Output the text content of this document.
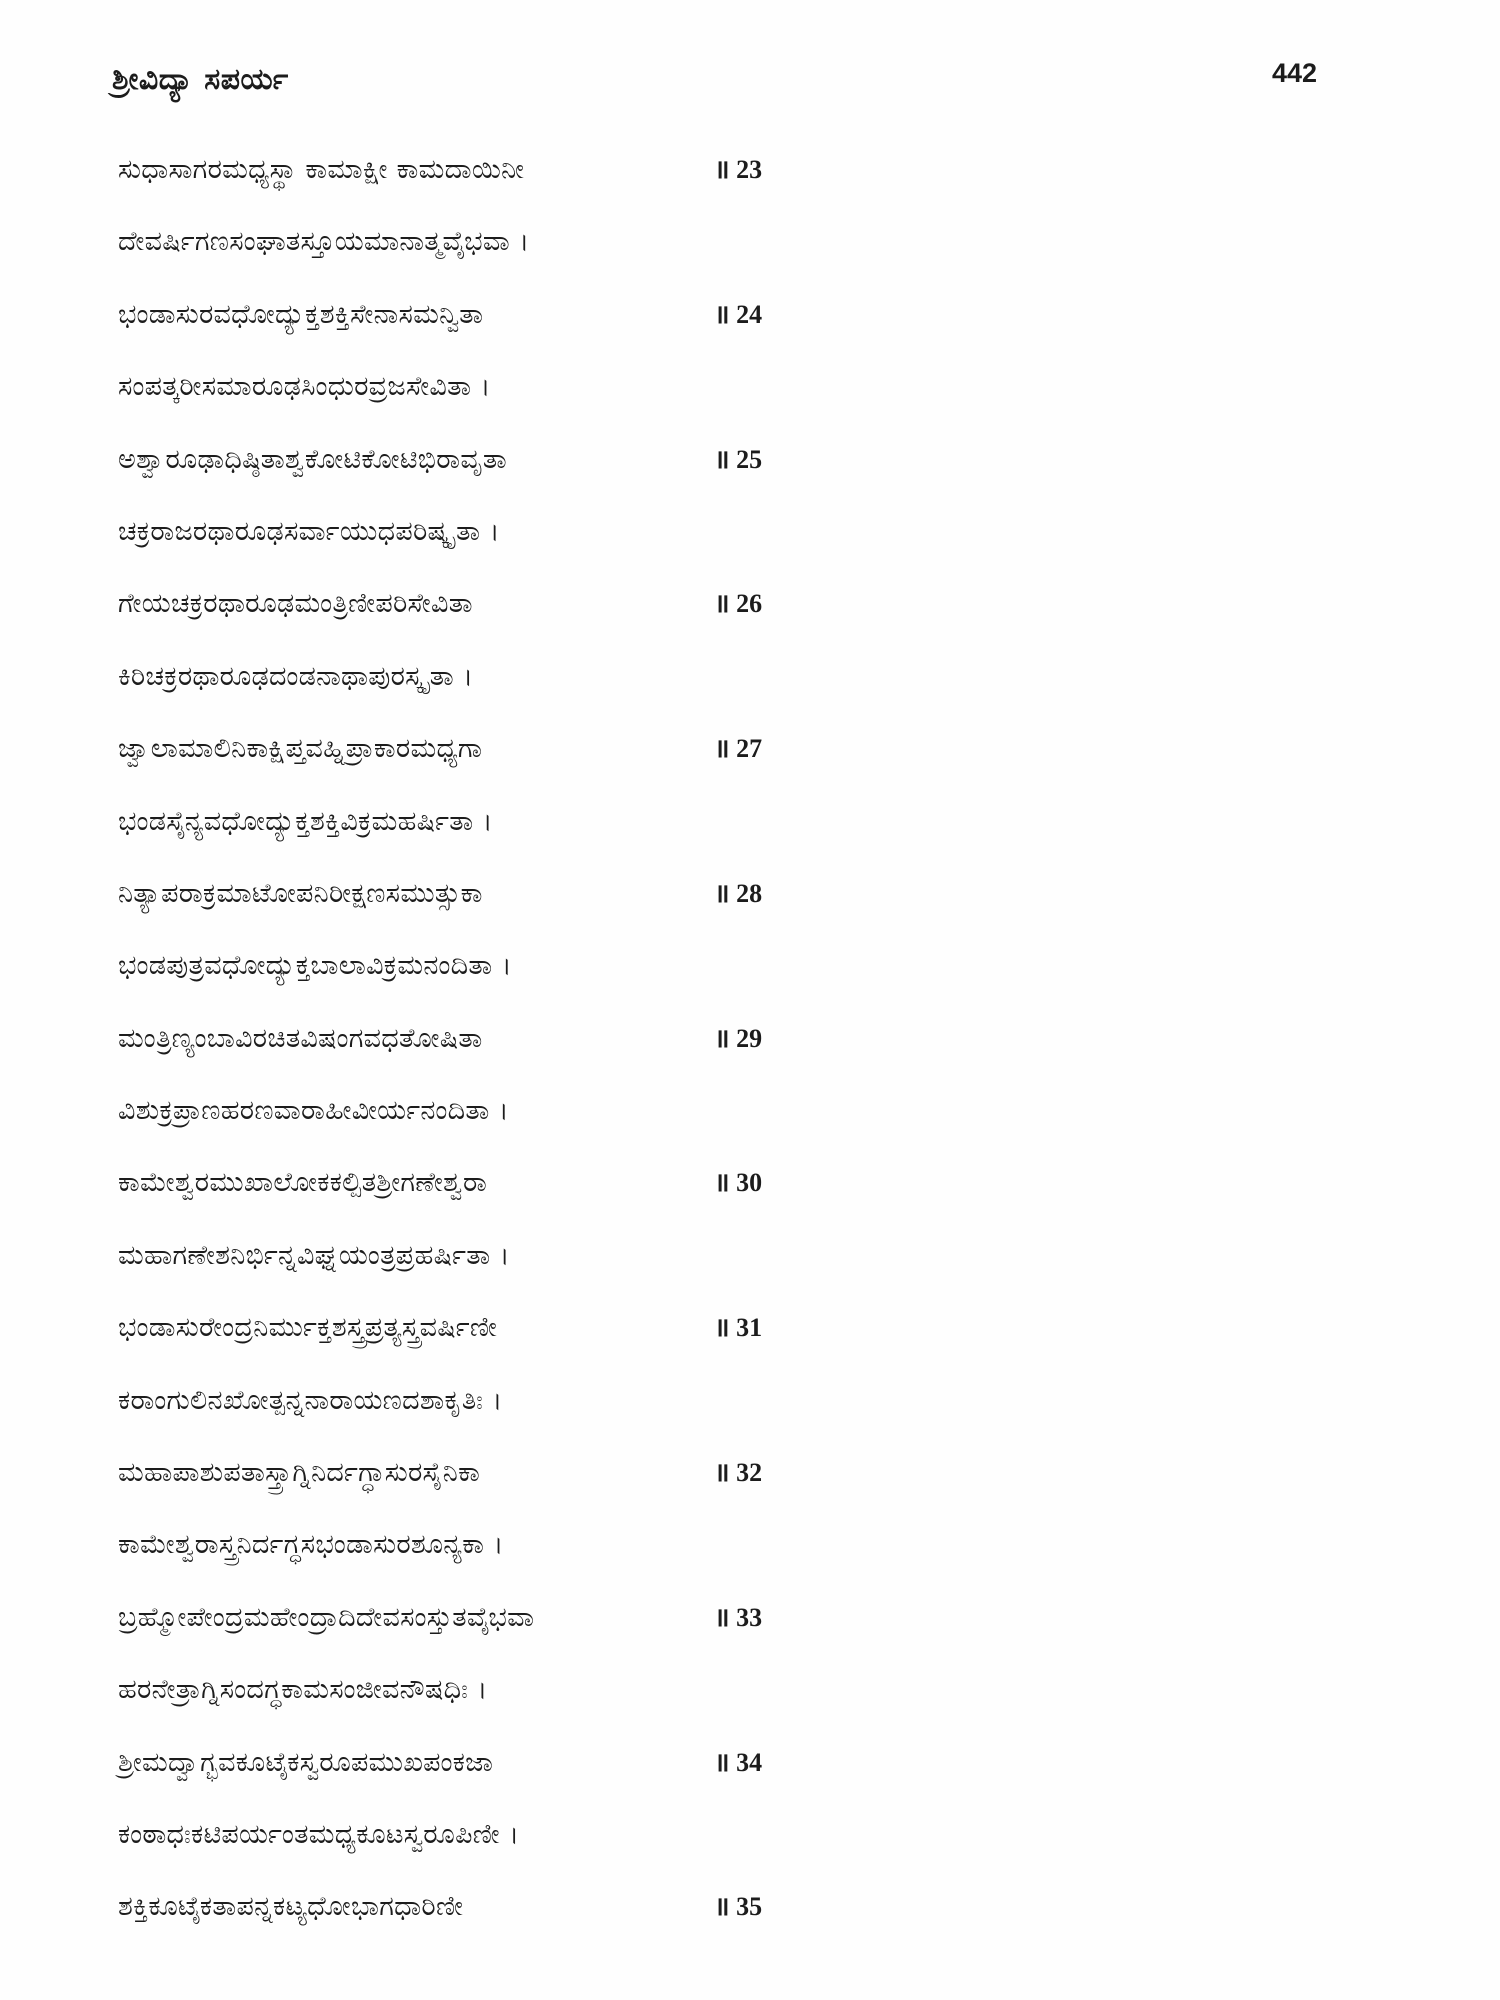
ಶ್ರೀವಿದ್ಯಾ ಸಪರ್ಯ	442
ಸುಧಾಸಾಗರಮಧ್ಯಸ್ಥಾ ಕಾಮಾಕ್ಷೀ ಕಾಮದಾಯಿನೀ	॥ 23
ದೇವರ್ಷಿಗಣಸಂಘಾತಸ್ತೂಯಮಾನಾತ್ಮವೈಭವಾ ।
ಭಂಡಾಸುರವಧೋದ್ಯುಕ್ತಶಕ್ತಿಸೇನಾಸಮನ್ವಿತಾ	॥ 24
ಸಂಪತ್ಕರೀಸಮಾರೂಢಸಿಂಧುರವ್ರಜಸೇವಿತಾ ।
ಅಶ್ವಾರೂಢಾಧಿಷ್ಠಿತಾಶ್ವಕೋಟಿಕೋಟಿಭಿರಾವೃತಾ	॥ 25
ಚಕ್ರರಾಜರಥಾರೂಢಸರ್ವಾಯುಧಪರಿಷ್ಕೃತಾ ।
ಗೇಯಚಕ್ರರಥಾರೂಢಮಂತ್ರಿಣೀಪರಿಸೇವಿತಾ	॥ 26
ಕಿರಿಚಕ್ರರಥಾರೂಢದಂಡನಾಥಾಪುರಸ್ಕೃತಾ ।
ಜ್ವಾಲಾಮಾಲಿನಿಕಾಕ್ಷಿಪ್ತವಹ್ನಿಪ್ರಾಕಾರಮಧ್ಯಗಾ	॥ 27
ಭಂಡಸೈನ್ಯವಧೋದ್ಯುಕ್ತಶಕ್ತಿವಿಕ್ರಮಹರ್ಷಿತಾ ।
ನಿತ್ಯಾಪರಾಕ್ರಮಾಟೋಪನಿರೀಕ್ಷಣಸಮುತ್ಸುಕಾ	॥ 28
ಭಂಡಪುತ್ರವಧೋದ್ಯುಕ್ತಬಾಲಾವಿಕ್ರಮನಂದಿತಾ ।
ಮಂತ್ರಿಣ್ಯಂಬಾವಿರಚಿತವಿಷಂಗವಧತೋಷಿತಾ	॥ 29
ವಿಶುಕ್ರಪ್ರಾಣಹರಣವಾರಾಹೀವೀರ್ಯನಂದಿತಾ ।
ಕಾಮೇಶ್ವರಮುಖಾಲೋಕಕಲ್ಪಿತಶ್ರೀಗಣೇಶ್ವರಾ	॥ 30
ಮಹಾಗಣೇಶನಿರ್ಭಿನ್ನವಿಘ್ನಯಂತ್ರಪ್ರಹರ್ಷಿತಾ ।
ಭಂಡಾಸುರೇಂದ್ರನಿರ್ಮುಕ್ತಶಸ್ತ್ರಪ್ರತ್ಯಸ್ತ್ರವರ್ಷಿಣೀ	॥ 31
ಕರಾಂಗುಲಿನಖೋತ್ಪನ್ನನಾರಾಯಣದಶಾಕೃತಿಃ ।
ಮಹಾಪಾಶುಪತಾಸ್ತ್ರಾಗ್ನಿನಿರ್ದಗ್ಧಾಸುರಸೈನಿಕಾ	॥ 32
ಕಾಮೇಶ್ವರಾಸ್ತ್ರನಿರ್ದಗ್ಧಸಭಂಡಾಸುರಶೂನ್ಯಕಾ ।
ಬ್ರಹ್ಮೋಪೇಂದ್ರಮಹೇಂದ್ರಾದಿದೇವಸಂಸ್ತುತವೈಭವಾ	॥ 33
ಹರನೇತ್ರಾಗ್ನಿಸಂದಗ್ಧಕಾಮಸಂಜೀವನೌಷಧಿಃ ।
ಶ್ರೀಮದ್ವಾಗ್ಭವಕೂಟೈಕಸ್ವರೂಪಮುಖಪಂಕಜಾ	॥ 34
ಕಂಠಾಧಃಕಟಿಪರ್ಯಂತಮಧ್ಯಕೂಟಸ್ವರೂಪಿಣೀ ।
ಶಕ್ತಿಕೂಟೈಕತಾಪನ್ನಕಟ್ಯಧೋಭಾಗಧಾರಿಣೀ	॥ 35
